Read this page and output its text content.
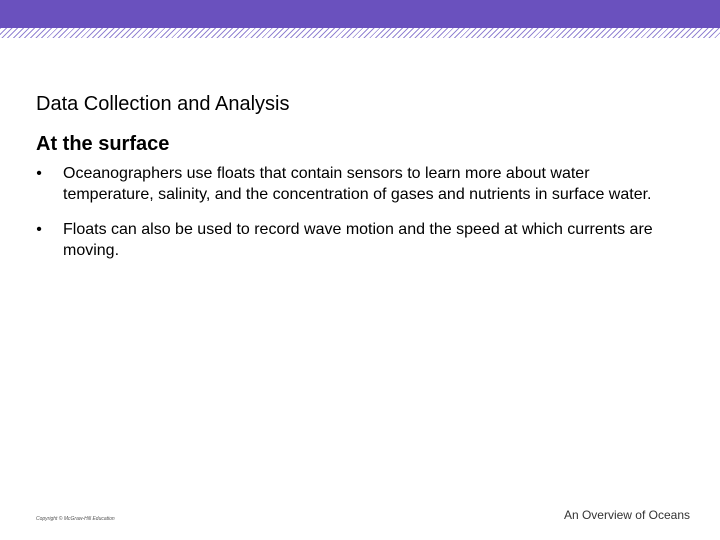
Data Collection and Analysis
At the surface
• Oceanographers use floats that contain sensors to learn more about water temperature, salinity, and the concentration of gases and nutrients in surface water.
• Floats can also be used to record wave motion and the speed at which currents are moving.
Copyright © McGraw-Hill Education	An Overview of Oceans
